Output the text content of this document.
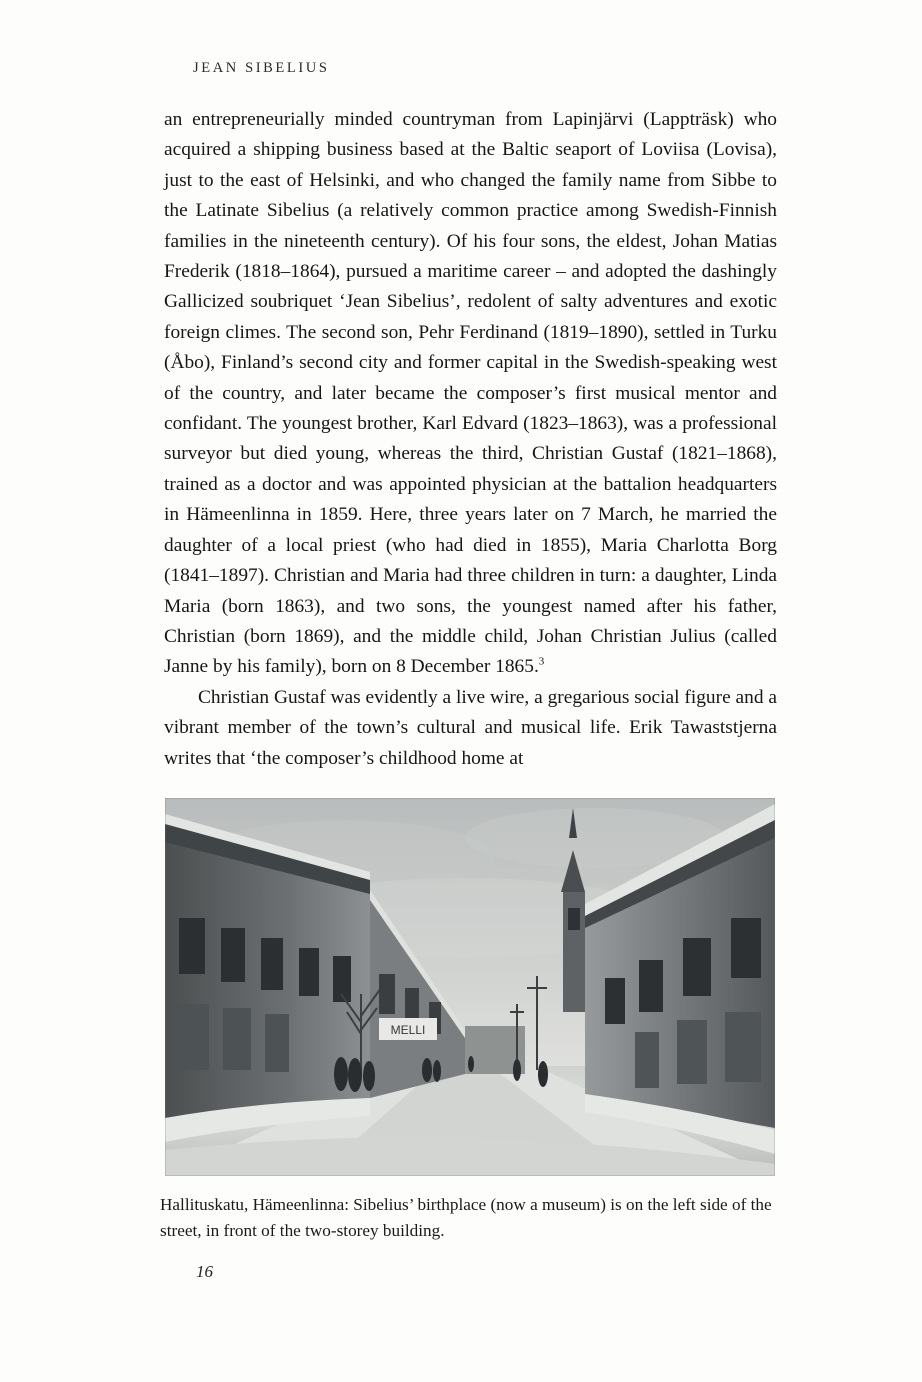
JEAN SIBELIUS

an entrepreneurially minded countryman from Lapinjärvi (Lappträsk) who acquired a shipping business based at the Baltic seaport of Loviisa (Lovisa), just to the east of Helsinki, and who changed the family name from Sibbe to the Latinate Sibelius (a relatively common practice among Swedish-Finnish families in the nineteenth century). Of his four sons, the eldest, Johan Matias Frederik (1818–1864), pursued a maritime career – and adopted the dashingly Gallicized soubriquet ‘Jean Sibelius’, redolent of salty adventures and exotic foreign climes. The second son, Pehr Ferdinand (1819–1890), settled in Turku (Åbo), Finland’s second city and former capital in the Swedish-speaking west of the country, and later became the composer’s first musical mentor and confidant. The youngest brother, Karl Edvard (1823–1863), was a professional surveyor but died young, whereas the third, Christian Gustaf (1821–1868), trained as a doctor and was appointed physician at the battalion headquarters in Hämeenlinna in 1859. Here, three years later on 7 March, he married the daughter of a local priest (who had died in 1855), Maria Charlotta Borg (1841–1897). Christian and Maria had three children in turn: a daughter, Linda Maria (born 1863), and two sons, the youngest named after his father, Christian (born 1869), and the middle child, Johan Christian Julius (called Janne by his family), born on 8 December 1865.$^3$

Christian Gustaf was evidently a live wire, a gregarious social figure and a vibrant member of the town’s cultural and musical life. Erik Tawaststjerna writes that ‘the composer’s childhood home at

MELLI
Hallituskatu, Hämeenlinna: Sibelius’ birthplace (now a museum) is on the left side of the street, in front of the two-storey building.
16
